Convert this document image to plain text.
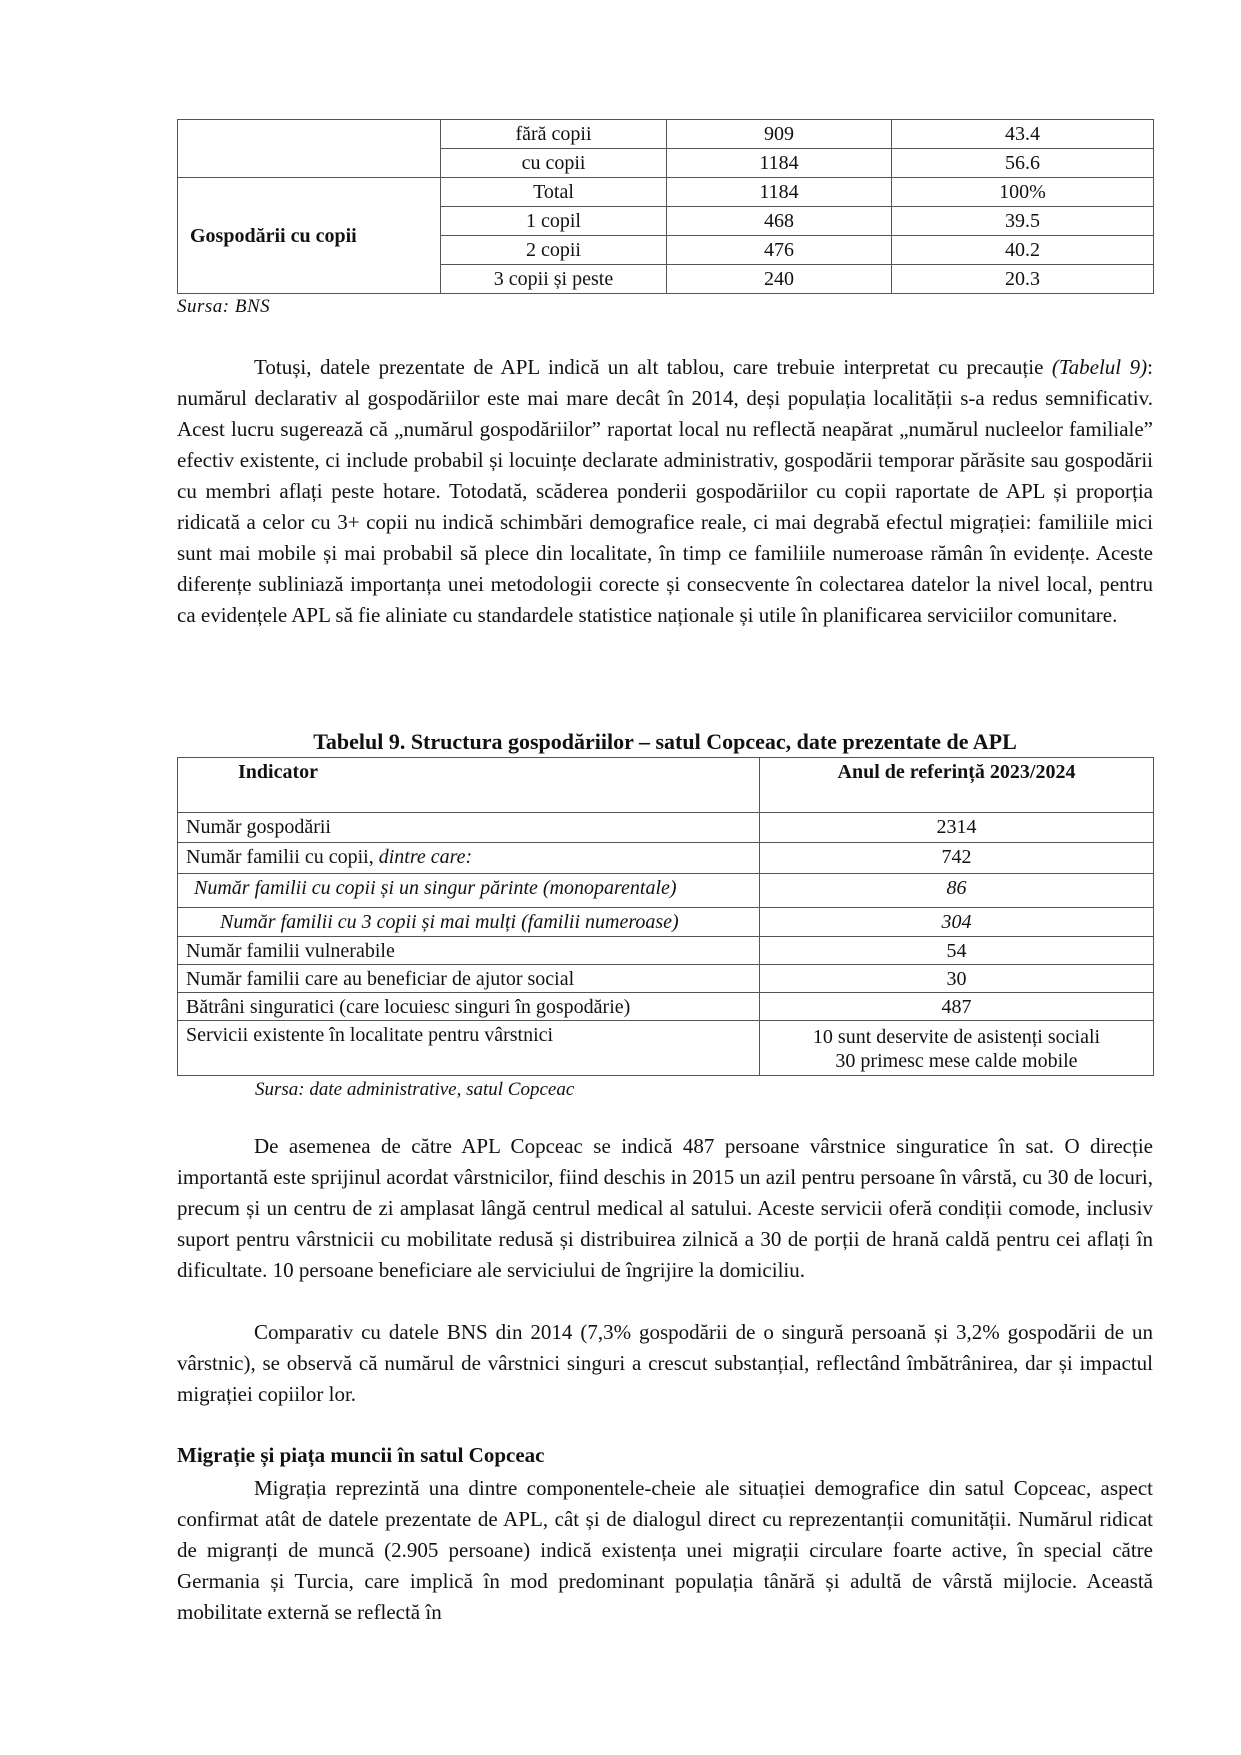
	fără copii	909	43.4
	cu copii	1184	56.6
Gospodării cu copii	Total	1184	100%
	1 copil	468	39.5
	2 copii	476	40.2
	3 copii și peste	240	20.3
Sursa: BNS

Totuși, datele prezentate de APL indică un alt tablou, care trebuie interpretat cu precauție (Tabelul 9): numărul declarativ al gospodăriilor este mai mare decât în 2014, deși populația localității s-a redus semnificativ. Acest lucru sugerează că „numărul gospodăriilor” raportat local nu reflectă neapărat „numărul nucleelor familiale” efectiv existente, ci include probabil și locuințe declarate administrativ, gospodării temporar părăsite sau gospodării cu membri aflați peste hotare. Totodată, scăderea ponderii gospodăriilor cu copii raportate de APL și proporția ridicată a celor cu 3+ copii nu indică schimbări demografice reale, ci mai degrabă efectul migrației: familiile mici sunt mai mobile și mai probabil să plece din localitate, în timp ce familiile numeroase rămân în evidențe. Aceste diferențe subliniază importanța unei metodologii corecte și consecvente în colectarea datelor la nivel local, pentru ca evidențele APL să fie aliniate cu standardele statistice naționale și utile în planificarea serviciilor comunitare.

Tabelul 9. Structura gospodăriilor – satul Copceac, date prezentate de APL
Indicator	Anul de referință 2023/2024
Număr gospodării	2314
Număr familii cu copii, dintre care:	742
Număr familii cu copii și un singur părinte (monoparentale)	86
Număr familii cu 3 copii și mai mulți (familii numeroase)	304
Număr familii vulnerabile	54
Număr familii care au beneficiar de ajutor social	30
Bătrâni singuratici (care locuiesc singuri în gospodărie)	487
Servicii existente în localitate pentru vârstnici	10 sunt deservite de asistenți sociali
30 primesc mese calde mobile
Sursa: date administrative, satul Copceac

De asemenea de către APL Copceac se indică 487 persoane vârstnice singuratice în sat. O direcție importantă este sprijinul acordat vârstnicilor, fiind deschis in 2015 un azil pentru persoane în vârstă, cu 30 de locuri, precum și un centru de zi amplasat lângă centrul medical al satului. Aceste servicii oferă condiții comode, inclusiv suport pentru vârstnicii cu mobilitate redusă și distribuirea zilnică a 30 de porții de hrană caldă pentru cei aflați în dificultate. 10 persoane beneficiare ale serviciului de îngrijire la domiciliu.

Comparativ cu datele BNS din 2014 (7,3% gospodării de o singură persoană și 3,2% gospodării de un vârstnic), se observă că numărul de vârstnici singuri a crescut substanțial, reflectând îmbătrânirea, dar și impactul migrației copiilor lor.

Migrație și piața muncii în satul Copceac

Migrația reprezintă una dintre componentele-cheie ale situației demografice din satul Copceac, aspect confirmat atât de datele prezentate de APL, cât și de dialogul direct cu reprezentanții comunității. Numărul ridicat de migranți de muncă (2.905 persoane) indică existența unei migrații circulare foarte active, în special către Germania și Turcia, care implică în mod predominant populația tânără și adultă de vârstă mijlocie. Această mobilitate externă se reflectă în
